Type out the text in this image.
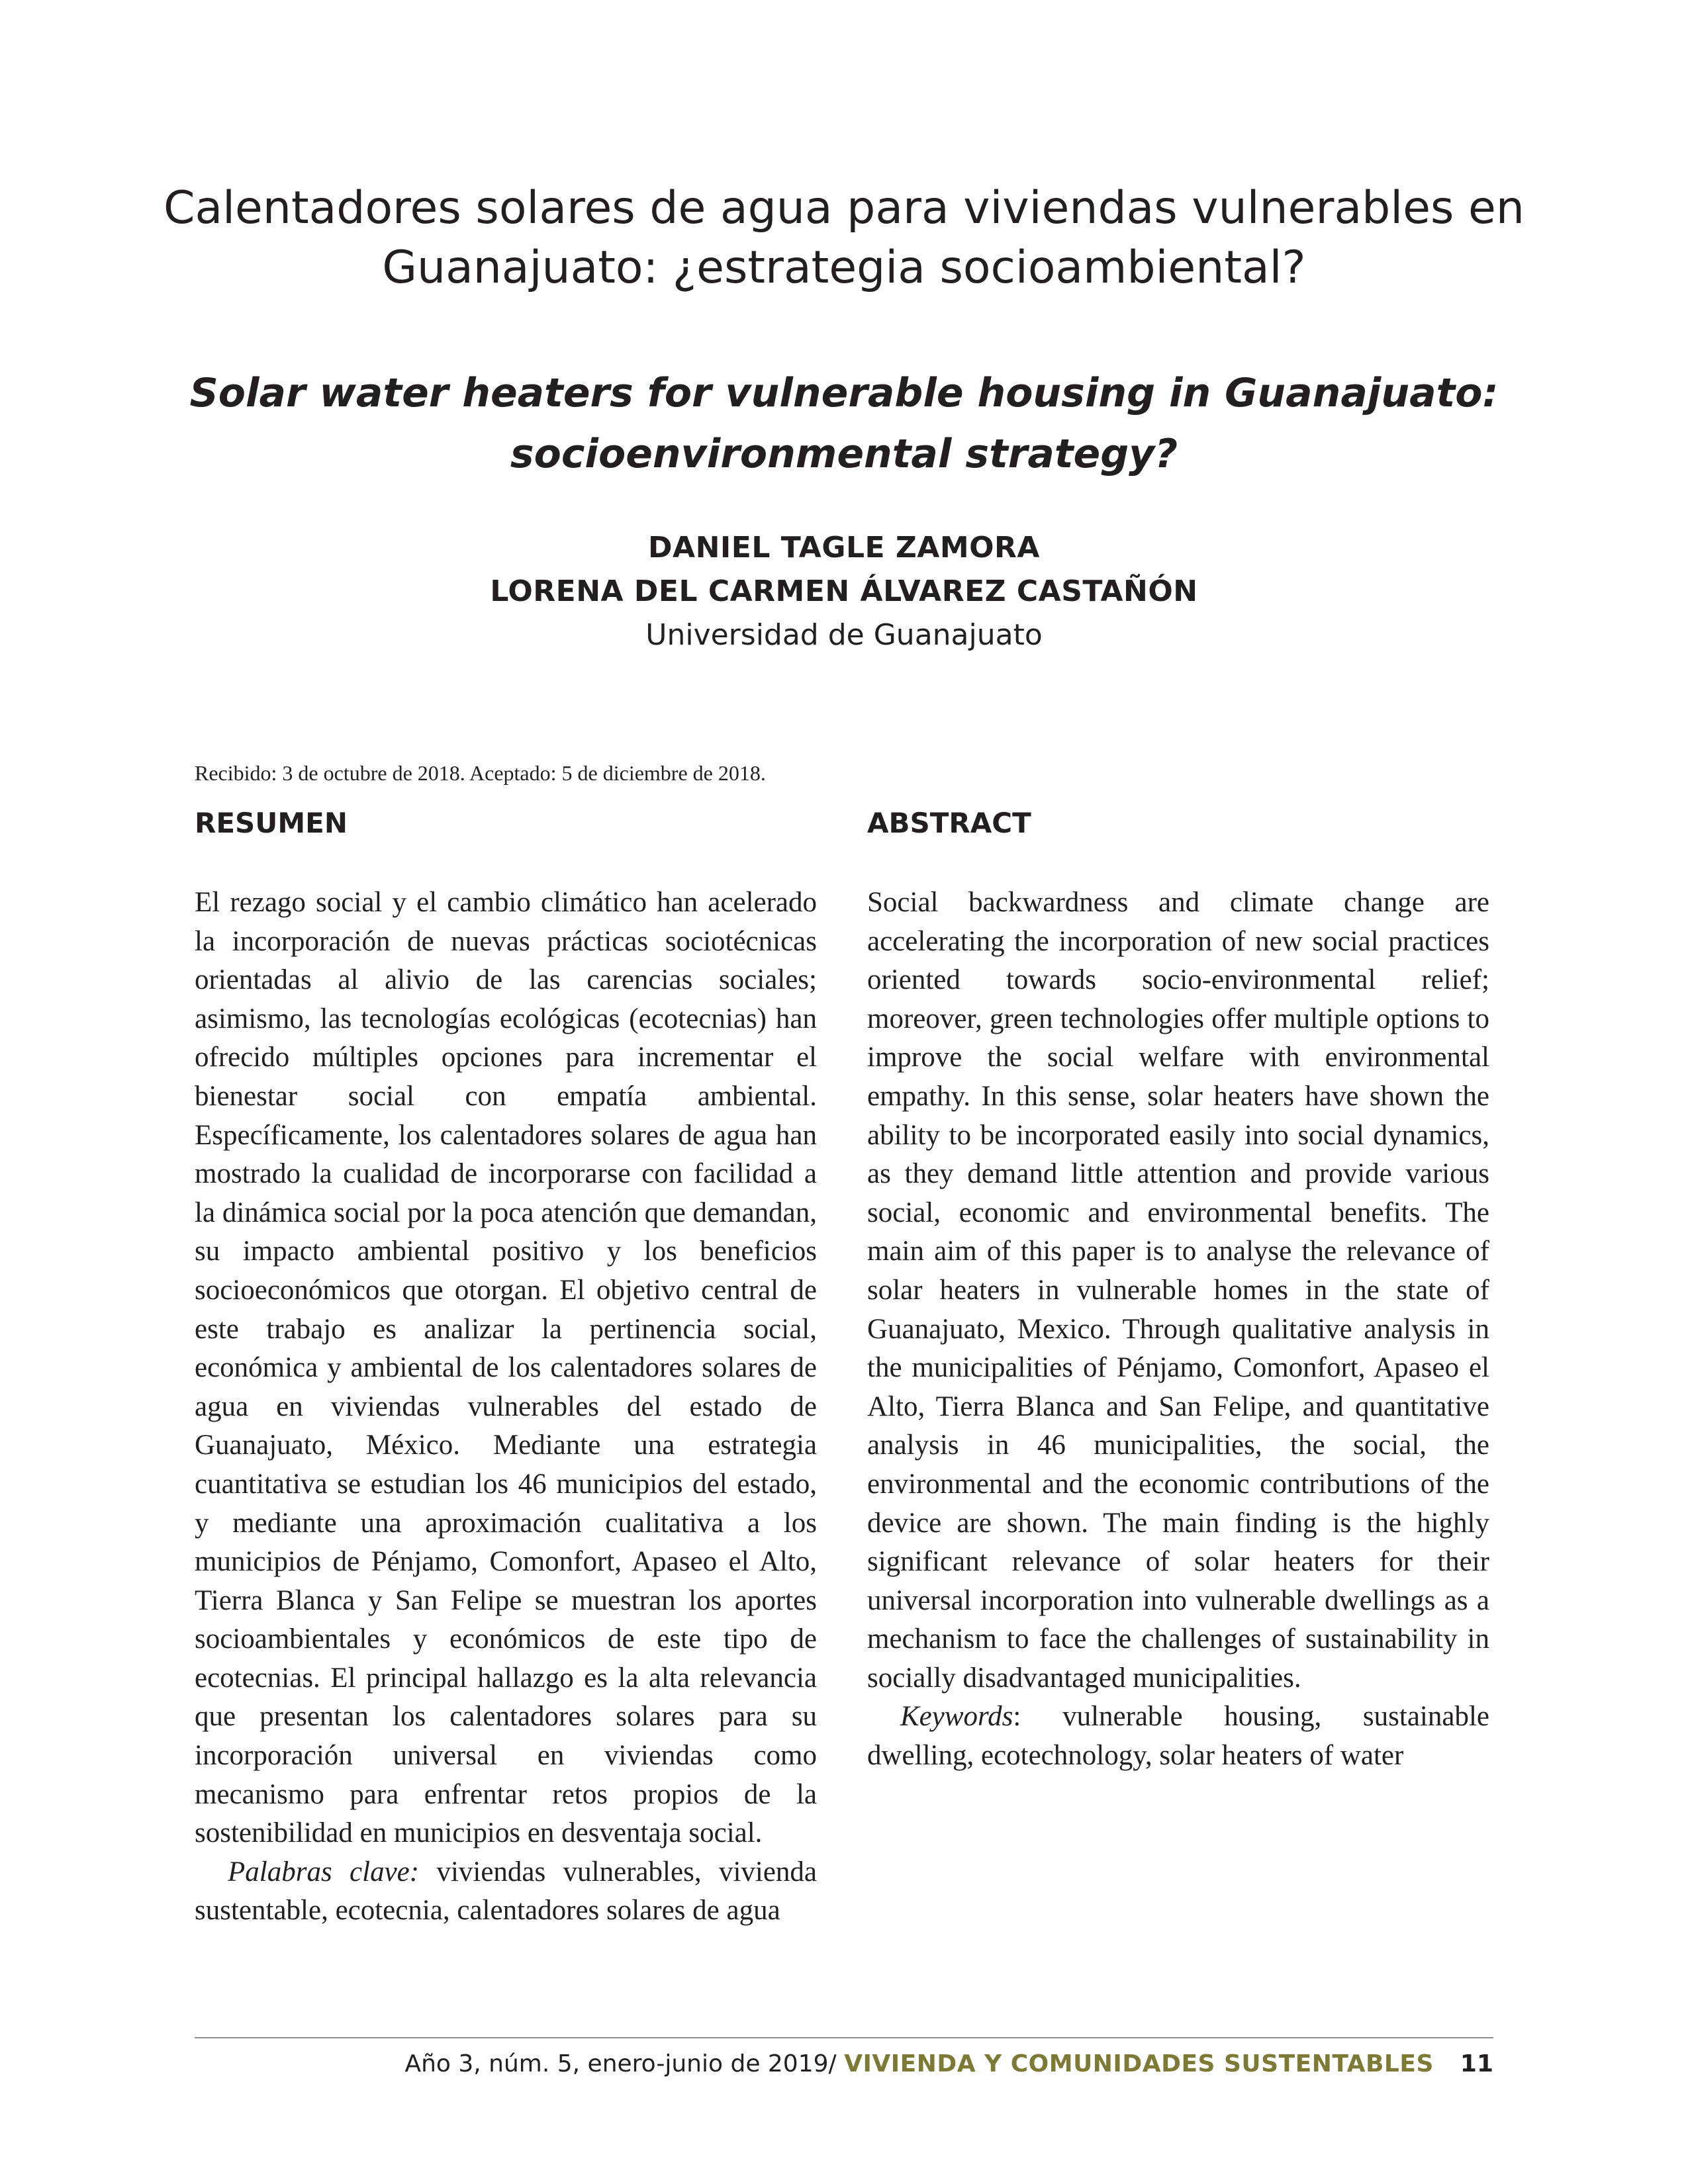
Calentadores solares de agua para viviendas vulnerables en Guanajuato: ¿estrategia socioambiental?
Solar water heaters for vulnerable housing in Guanajuato: socioenvironmental strategy?
DANIEL TAGLE ZAMORA
LORENA DEL CARMEN ÁLVAREZ CASTAÑÓN
Universidad de Guanajuato
Recibido: 3 de octubre de 2018. Aceptado: 5 de diciembre de 2018.
RESUMEN

El rezago social y el cambio climático han acelerado la incorporación de nuevas prácticas sociotécnicas orientadas al alivio de las carencias sociales; asimismo, las tecnologías ecológicas (ecotecnias) han ofrecido múltiples opciones para incrementar el bienestar social con empatía ambiental. Específicamente, los calentadores solares de agua han mostrado la cualidad de incorporarse con facilidad a la dinámica social por la poca atención que demandan, su impacto ambiental positivo y los beneficios socioeconómicos que otorgan. El objetivo central de este trabajo es analizar la pertinencia social, económica y ambiental de los calentadores solares de agua en viviendas vulnerables del estado de Guanajuato, México. Mediante una estrategia cuantitativa se estudian los 46 municipios del estado, y mediante una aproximación cualitativa a los municipios de Pénjamo, Comonfort, Apaseo el Alto, Tierra Blanca y San Felipe se muestran los aportes socioambientales y económicos de este tipo de ecotecnias. El principal hallazgo es la alta relevancia que presentan los calentadores solares para su incorporación universal en viviendas como mecanismo para enfrentar retos propios de la sostenibilidad en municipios en desventaja social.

Palabras clave: viviendas vulnerables, vivienda sustentable, ecotecnia, calentadores solares de agua

ABSTRACT

Social backwardness and climate change are accelerating the incorporation of new social practices oriented towards socio-environmental relief; moreover, green technologies offer multiple options to improve the social welfare with environmental empathy. In this sense, solar heaters have shown the ability to be incorporated easily into social dynamics, as they demand little attention and provide various social, economic and environmental benefits. The main aim of this paper is to analyse the relevance of solar heaters in vulnerable homes in the state of Guanajuato, Mexico. Through qualitative analysis in the municipalities of Pénjamo, Comonfort, Apaseo el Alto, Tierra Blanca and San Felipe, and quantitative analysis in 46 municipalities, the social, the environmental and the economic contributions of the device are shown. The main finding is the highly significant relevance of solar heaters for their universal incorporation into vulnerable dwellings as a mechanism to face the challenges of sustainability in socially disadvantaged municipalities.

Keywords: vulnerable housing, sustainable dwelling, ecotechnology, solar heaters of water

Año 3, núm. 5, enero-junio de 2019/ VIVIENDA Y COMUNIDADES SUSTENTABLES 11
